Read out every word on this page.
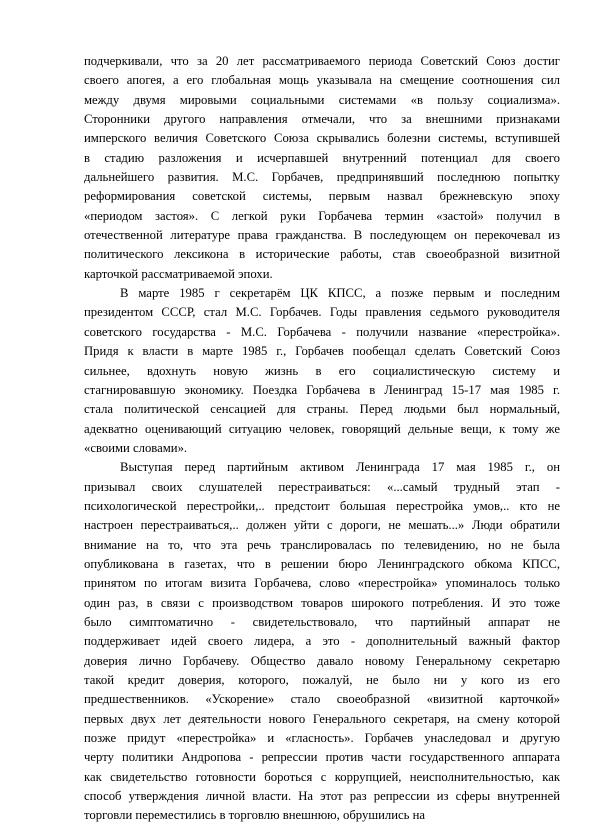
подчеркивали, что за 20 лет рассматриваемого периода Советский Союз достиг
своего апогея, а его глобальная мощь указывала на смещение соотношения сил
между двумя мировыми социальными системами «в пользу социализма».
Сторонники другого направления отмечали, что за внешними признаками
имперского величия Советского Союза скрывались болезни системы, вступившей
в стадию разложения и исчерпавшей внутренний потенциал для своего
дальнейшего развития. М.С. Горбачев, предпринявший последнюю попытку
реформирования советской системы, первым назвал брежневскую эпоху
«периодом застоя». С легкой руки Горбачева термин «застой» получил в
отечественной литературе права гражданства. В последующем он перекочевал из
политического лексикона в исторические работы, став своеобразной визитной
карточкой рассматриваемой эпохи.
В марте 1985 г секретарём ЦК КПСС, а позже первым и последним
президентом СССР, стал М.С. Горбачев. Годы правления седьмого руководителя
советского государства - М.С. Горбачева - получили название «перестройка».
Придя к власти в марте 1985 г., Горбачев пообещал сделать Советский Союз
сильнее, вдохнуть новую жизнь в его социалистическую систему и
стагнировавшую экономику. Поездка Горбачева в Ленинград 15-17 мая 1985 г.
стала политической сенсацией для страны. Перед людьми был нормальный,
адекватно оценивающий ситуацию человек, говорящий дельные вещи, к тому же
«своими словами».
Выступая перед партийным активом Ленинграда 17 мая 1985 г., он
призывал своих слушателей перестраиваться: «...самый трудный этап -
психологической перестройки,.. предстоит большая перестройка умов,.. кто не
настроен перестраиваться,.. должен уйти с дороги, не мешать...» Люди обратили
внимание на то, что эта речь транслировалась по телевидению, но не была
опубликована в газетах, что в решении бюро Ленинградского обкома КПСС,
принятом по итогам визита Горбачева, слово «перестройка» упоминалось только
один раз, в связи с производством товаров широкого потребления. И это тоже
было симптоматично - свидетельствовало, что партийный аппарат не
поддерживает идей своего лидера, а это - дополнительный важный фактор
доверия лично Горбачеву. Общество давало новому Генеральному секретарю
такой кредит доверия, которого, пожалуй, не было ни у кого из его
предшественников. «Ускорение» стало своеобразной «визитной карточкой»
первых двух лет деятельности нового Генерального секретаря, на смену которой
позже придут «перестройка» и «гласность». Горбачев унаследовал и другую
черту политики Андропова - репрессии против части государственного аппарата
как свидетельство готовности бороться с коррупцией, неисполнительностью, как
способ утверждения личной власти. На этот раз репрессии из сферы внутренней
торговли переместились в торговлю внешнюю, обрушились на
